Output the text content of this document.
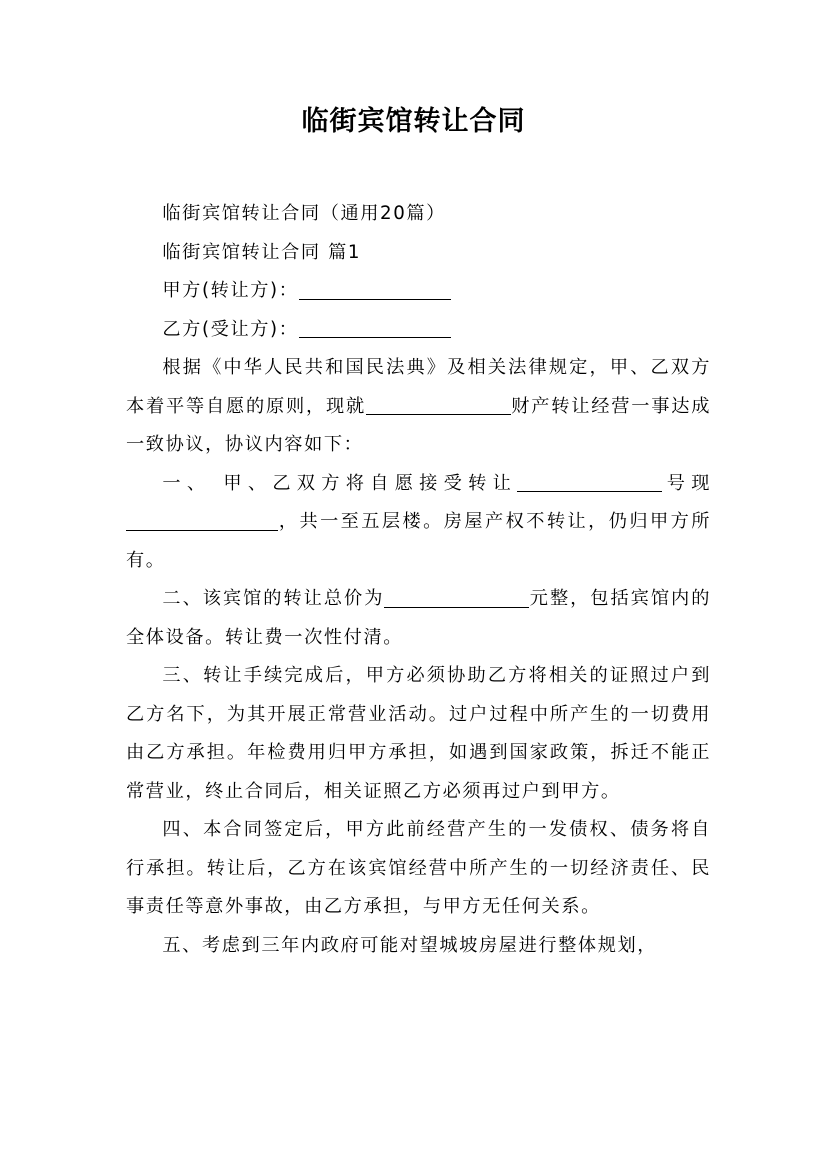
临街宾馆转让合同

临街宾馆转让合同（通用20篇）

临街宾馆转让合同 篇1

甲方(转让方)：

乙方(受让方)：

根据《中华人民共和国民法典》及相关法律规定，甲、乙双方本着平等自愿的原则，现就	财产转让经营一事达成一致协议，协议内容如下：

一、 甲、乙双方将自愿接受转让	号现，共一至五层楼。房屋产权不转让，仍归甲方所有。

二、该宾馆的转让总价为	元整，包括宾馆内的全体设备。转让费一次性付清。

三、转让手续完成后，甲方必须协助乙方将相关的证照过户到乙方名下，为其开展正常营业活动。过户过程中所产生的一切费用由乙方承担。年检费用归甲方承担，如遇到国家政策，拆迁不能正常营业，终止合同后，相关证照乙方必须再过户到甲方。

四、本合同签定后，甲方此前经营产生的一发债权、债务将自行承担。转让后，乙方在该宾馆经营中所产生的一切经济责任、民事责任等意外事故，由乙方承担，与甲方无任何关系。

五、考虑到三年内政府可能对望城坡房屋进行整体规划，
